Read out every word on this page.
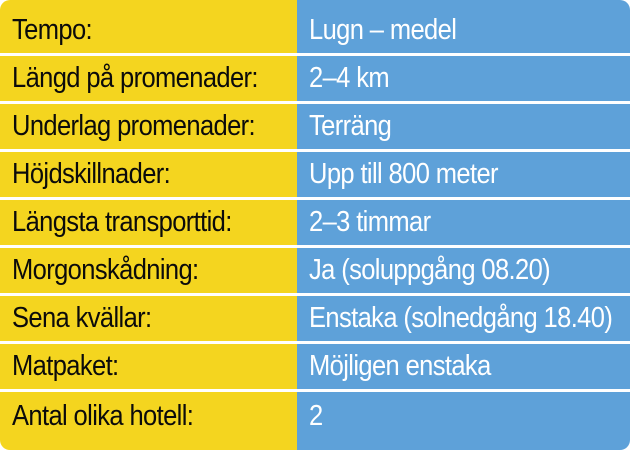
Tempo:	Lugn – medel
Längd på promenader: 2–4 km
Underlag promenader: Terräng
Höjdskillnader:	Upp till 800 meter
Längsta transporttid:	2–3 timmar
Morgonskådning:	Ja (soluppgång 08.20)
Sena kvällar:	Enstaka (solnedgång 18.40)
Matpaket:	Möjligen enstaka
Antal olika hotell:	2
